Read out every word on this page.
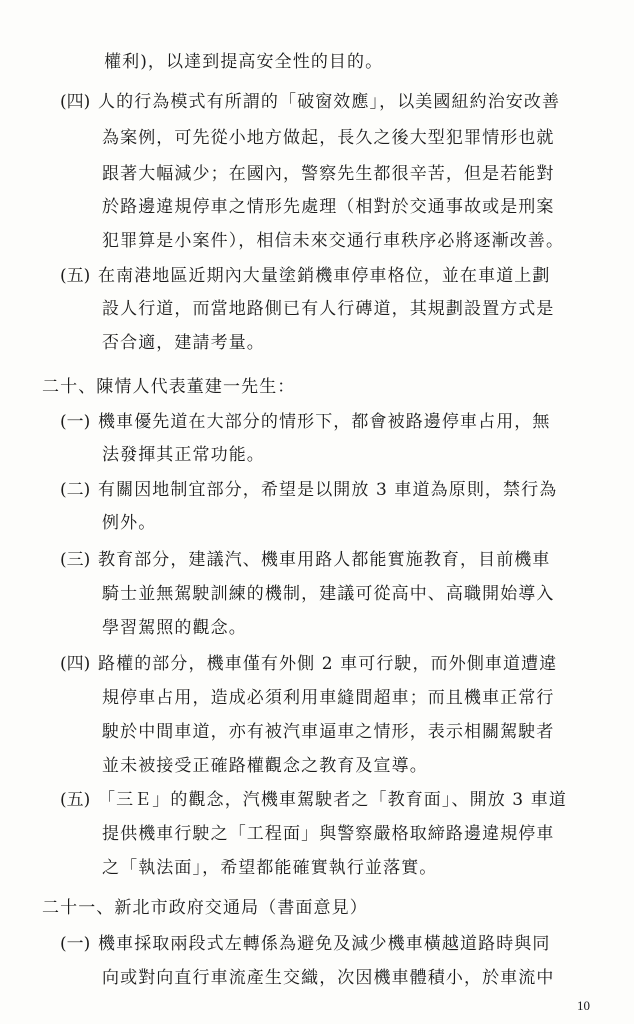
權利)，以達到提高安全性的目的。
(四) 人的行為模式有所謂的「破窗效應」，以美國紐約治安改善
為案例，可先從小地方做起，長久之後大型犯罪情形也就
跟著大幅減少；在國內，警察先生都很辛苦，但是若能對
於路邊違規停車之情形先處理（相對於交通事故或是刑案
犯罪算是小案件），相信未來交通行車秩序必將逐漸改善。
(五) 在南港地區近期內大量塗銷機車停車格位，並在車道上劃
設人行道，而當地路側已有人行磚道，其規劃設置方式是
否合適，建請考量。
二十、陳情人代表董建一先生：
(一) 機車優先道在大部分的情形下，都會被路邊停車占用，無
法發揮其正常功能。
(二) 有關因地制宜部分，希望是以開放 3 車道為原則，禁行為
例外。
(三) 教育部分，建議汽、機車用路人都能實施教育，目前機車
騎士並無駕駛訓練的機制，建議可從高中、高職開始導入
學習駕照的觀念。
(四) 路權的部分，機車僅有外側 2 車可行駛，而外側車道遭違
規停車占用，造成必須利用車縫間超車；而且機車正常行
駛於中間車道，亦有被汽車逼車之情形，表示相關駕駛者
並未被接受正確路權觀念之教育及宣導。
(五) 「三Ｅ」的觀念，汽機車駕駛者之「教育面」、開放 3 車道
提供機車行駛之「工程面」與警察嚴格取締路邊違規停車
之「執法面」，希望都能確實執行並落實。
二十一、新北市政府交通局（書面意見）
(一) 機車採取兩段式左轉係為避免及減少機車橫越道路時與同
向或對向直行車流產生交織，次因機車體積小，於車流中
10
